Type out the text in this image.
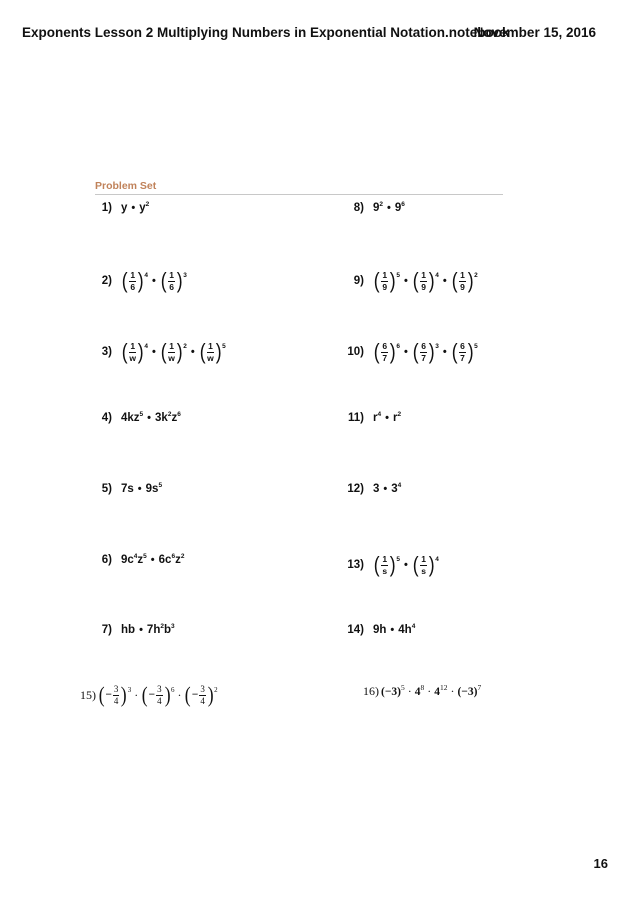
Exponents Lesson 2 Multiplying Numbers in Exponential Notation.notebook
November 15, 2016
Problem Set
1) y • $y^2$
2) ( $\frac{1}{6}$ ) 4 • ( $\frac{1}{6}$ ) 3
3) ( $\frac{1}{w}$ ) 4 • ( $\frac{1}{w}$ ) 2 • ( $\frac{1}{w}$ ) 5
4) $4kz^5$ • $3k^2z^6$
5) 7s • $9s^5$
6) $9c^4z^5$ • $6c^6z^2$
7) hb • $7h^2b^3$
8) $9^2$ • $9^6$
9) ( $\frac{1}{9}$ ) 5 • ( $\frac{1}{9}$ ) 4 • ( $\frac{1}{9}$ ) 2
10) ( $\frac{6}{7}$ ) 6 • ( $\frac{6}{7}$ ) 3 • ( $\frac{6}{7}$ ) 5
11) $r^4$ • $r^2$
12) 3 • $3^4$
13) ( $\frac{1}{s}$ ) 5 • ( $\frac{1}{s}$ ) 4
14) 9h • $4h^4$
15) ( − $\frac{3}{4}$ ) 3 · ( − $\frac{3}{4}$ ) 6 · ( − $\frac{3}{4}$ ) 2	16) $(-3)^5 \cdot 4^8 \cdot 4^{12} \cdot (-3)^7$
16
